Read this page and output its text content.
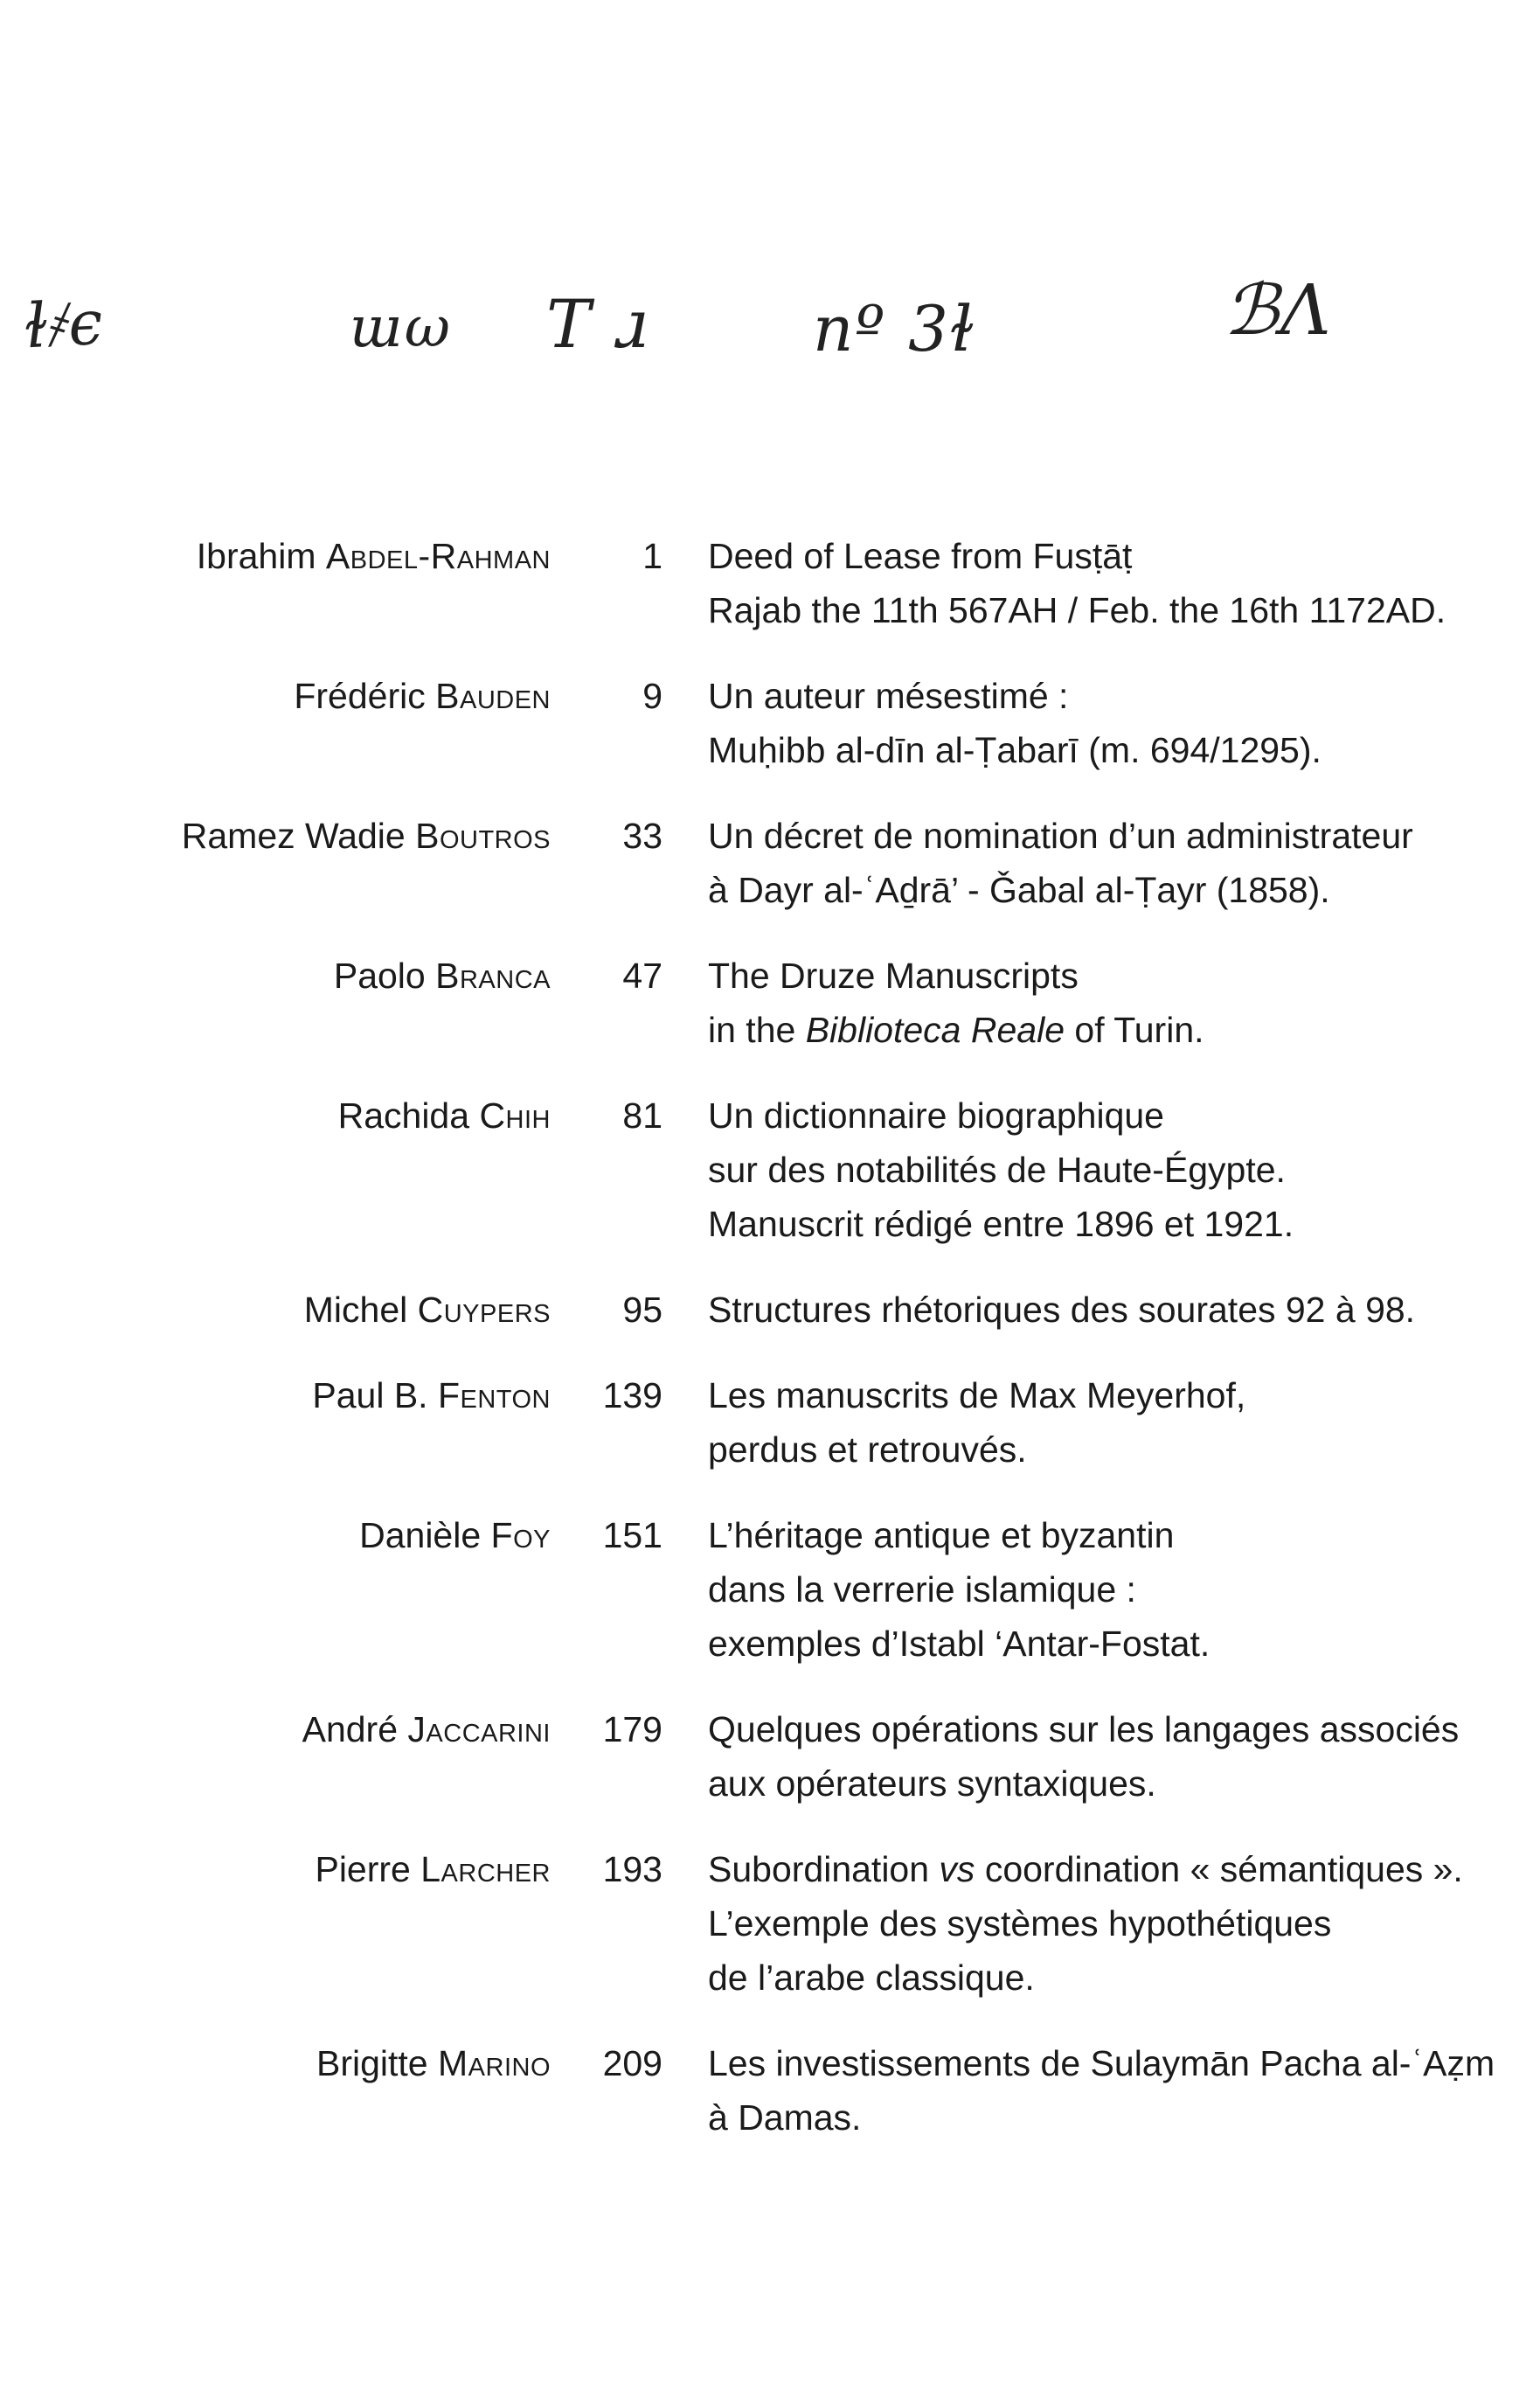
ɫ҂ϵ	ɯω T ɹ	nº 3ɫ	ℬΛ
Ibrahim Abdel-Rahman	1 Deed of Lease from Fusṭāṭ
Rajab the 11th 567AH / Feb. the 16th 1172AD.
Frédéric Bauden	9 Un auteur mésestimé :
Muḥibb al-dīn al-Ṭabarī (m. 694/1295).
Ramez Wadie Boutros	33 Un décret de nomination d’un administrateur
à Dayr al-ʿAḏrā’ - Ǧabal al-Ṭayr (1858).
Paolo Branca	47 The Druze Manuscripts
in the Biblioteca Reale of Turin.
Rachida Chih	81 Un dictionnaire biographique
sur des notabilités de Haute-Égypte.
Manuscrit rédigé entre 1896 et 1921.
Michel Cuypers	95 Structures rhétoriques des sourates 92 à 98.
Paul B. Fenton	139 Les manuscrits de Max Meyerhof,
perdus et retrouvés.
Danièle Foy	151 L’héritage antique et byzantin
dans la verrerie islamique :
exemples d’Istabl ‘Antar-Fostat.
André Jaccarini	179 Quelques opérations sur les langages associés
aux opérateurs syntaxiques.
Pierre Larcher	193 Subordination vs coordination « sémantiques ».
L’exemple des systèmes hypothétiques
de l’arabe classique.
Brigitte Marino	209 Les investissements de Sulaymān Pacha al-ʿAẓm
à Damas.
